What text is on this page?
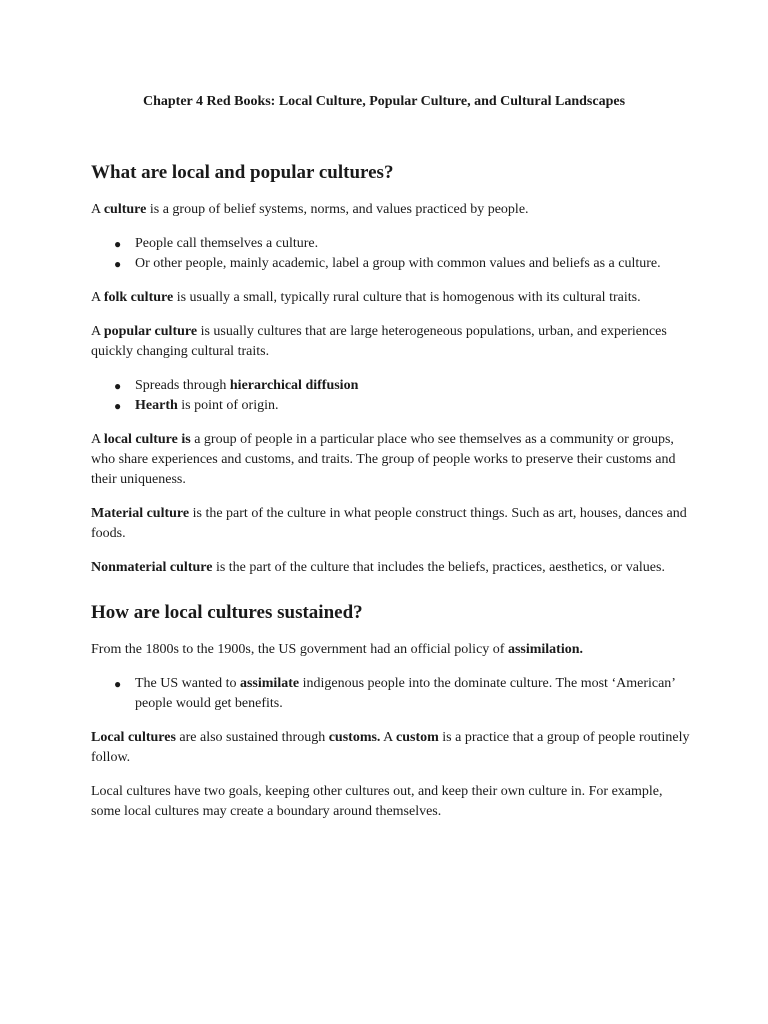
Chapter 4 Red Books: Local Culture, Popular Culture, and Cultural Landscapes
What are local and popular cultures?

A culture is a group of belief systems, norms, and values practiced by people.

● People call themselves a culture.
● Or other people, mainly academic, label a group with common values and beliefs as a culture.

A folk culture is usually a small, typically rural culture that is homogenous with its cultural traits.

A popular culture is usually cultures that are large heterogeneous populations, urban, and experiences quickly changing cultural traits.

● Spreads through hierarchical diffusion
● Hearth is point of origin.

A local culture is a group of people in a particular place who see themselves as a community or groups, who share experiences and customs, and traits. The group of people works to preserve their customs and their uniqueness.

Material culture is the part of the culture in what people construct things. Such as art, houses, dances and foods.

Nonmaterial culture is the part of the culture that includes the beliefs, practices, aesthetics, or values.

How are local cultures sustained?

From the 1800s to the 1900s, the US government had an official policy of assimilation.

● The US wanted to assimilate indigenous people into the dominate culture. The most ‘American’ people would get benefits.

Local cultures are also sustained through customs. A custom is a practice that a group of people routinely follow.

Local cultures have two goals, keeping other cultures out, and keep their own culture in. For example, some local cultures may create a boundary around themselves.
